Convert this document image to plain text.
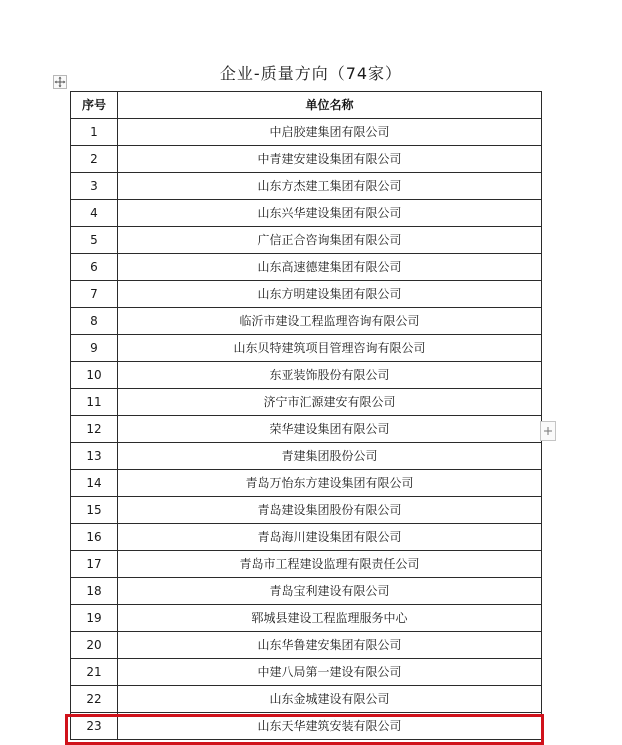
企业-质量方向（74家）
序号	单位名称
1	中启胶建集团有限公司
2	中青建安建设集团有限公司
3	山东方杰建工集团有限公司
4	山东兴华建设集团有限公司
5	广信正合咨询集团有限公司
6	山东高速德建集团有限公司
7	山东方明建设集团有限公司
8	临沂市建设工程监理咨询有限公司
9	山东贝特建筑项目管理咨询有限公司
10	东亚装饰股份有限公司
11	济宁市汇源建安有限公司
12	荣华建设集团有限公司
13	青建集团股份公司
14	青岛万怡东方建设集团有限公司
15	青岛建设集团股份有限公司
16	青岛海川建设集团有限公司
17	青岛市工程建设监理有限责任公司
18	青岛宝利建设有限公司
19	郓城县建设工程监理服务中心
20	山东华鲁建安集团有限公司
21	中建八局第一建设有限公司
22	山东金城建设有限公司
23	山东天华建筑安装有限公司
